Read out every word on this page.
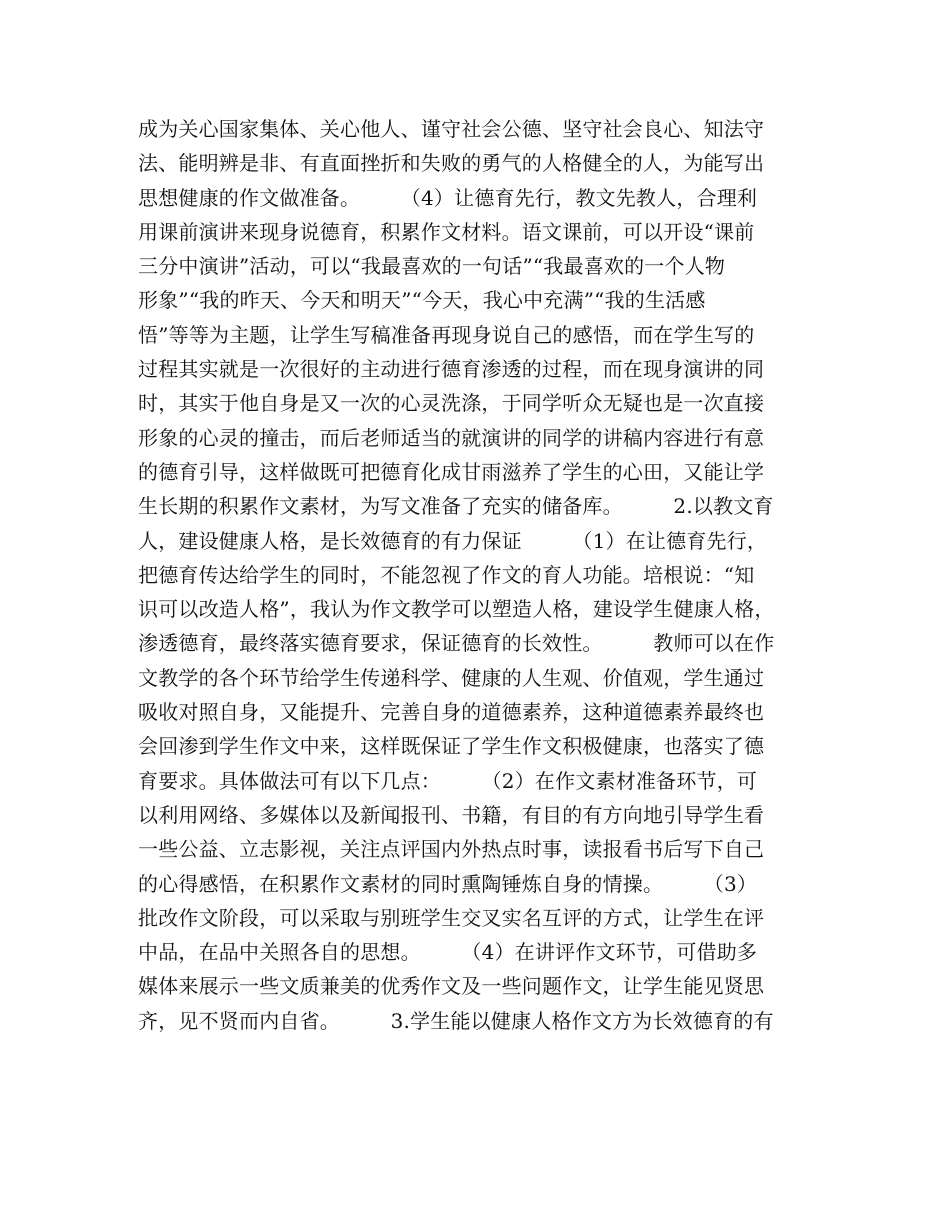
成为关心国家集体、关心他人、谨守社会公德、坚守社会良心、知法守
法、能明辨是非、有直面挫折和失败的勇气的人格健全的人，为能写出
思想健康的作文做准备。　　　（4）让德育先行，教文先教人，合理利
用课前演讲来现身说德育，积累作文材料。语文课前，可以开设“课前
三分中演讲”活动，可以“我最喜欢的一句话”“我最喜欢的一个人物
形象”“我的昨天、今天和明天”“今天，我心中充满”“我的生活感
悟”等等为主题，让学生写稿准备再现身说自己的感悟，而在学生写的
过程其实就是一次很好的主动进行德育渗透的过程，而在现身演讲的同
时，其实于他自身是又一次的心灵洗涤，于同学听众无疑也是一次直接
形象的心灵的撞击，而后老师适当的就演讲的同学的讲稿内容进行有意
的德育引导，这样做既可把德育化成甘雨滋养了学生的心田，又能让学
生长期的积累作文素材，为写文准备了充实的储备库。　　　2.以教文育
人，建设健康人格，是长效德育的有力保证　　　（1）在让德育先行，
把德育传达给学生的同时，不能忽视了作文的育人功能。培根说：“知
识可以改造人格”，我认为作文教学可以塑造人格，建设学生健康人格，
渗透德育，最终落实德育要求，保证德育的长效性。　　　教师可以在作
文教学的各个环节给学生传递科学、健康的人生观、价值观，学生通过
吸收对照自身，又能提升、完善自身的道德素养，这种道德素养最终也
会回渗到学生作文中来，这样既保证了学生作文积极健康，也落实了德
育要求。具体做法可有以下几点：　　　（2）在作文素材准备环节，可
以利用网络、多媒体以及新闻报刊、书籍，有目的有方向地引导学生看
一些公益、立志影视，关注点评国内外热点时事，读报看书后写下自己
的心得感悟，在积累作文素材的同时熏陶锤炼自身的情操。　　　（3）
批改作文阶段，可以采取与别班学生交叉实名互评的方式，让学生在评
中品，在品中关照各自的思想。　　　（4）在讲评作文环节，可借助多
媒体来展示一些文质兼美的优秀作文及一些问题作文，让学生能见贤思
齐，见不贤而内自省。　　　3.学生能以健康人格作文方为长效德育的有
